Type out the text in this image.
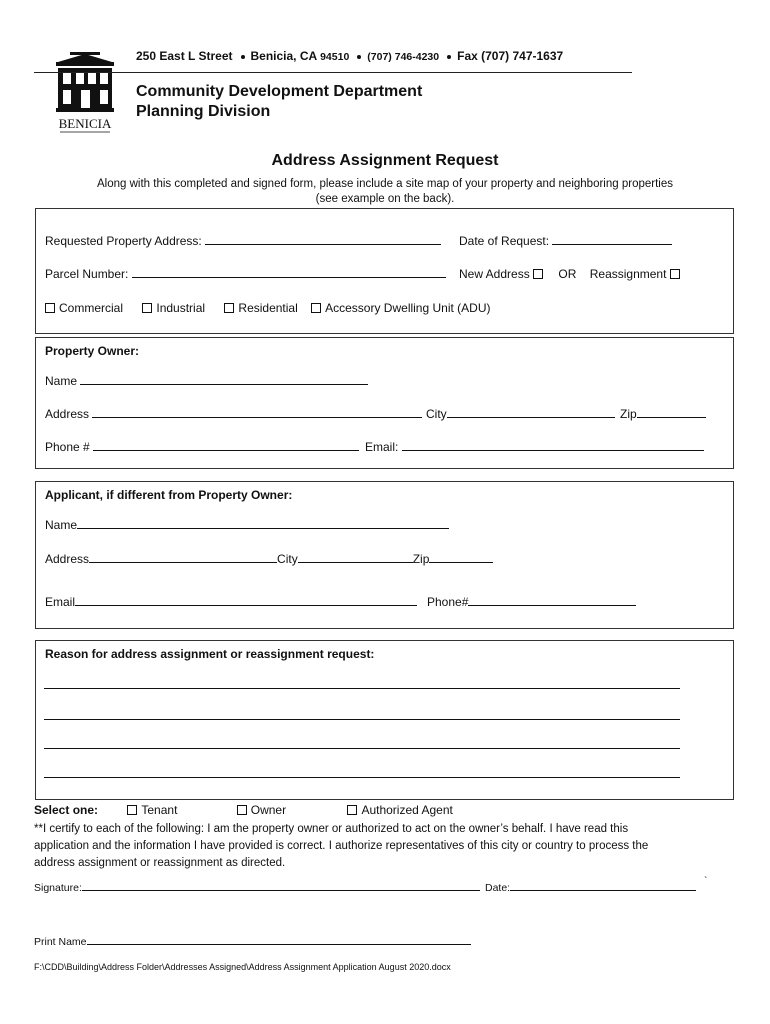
BENICIA
250 East L Street Benicia, CA 94510 (707) 746-4230 Fax (707) 747-1637
Community Development Department
Planning Division
Address Assignment Request
Along with this completed and signed form, please include a site map of your property and neighboring properties
(see example on the back).
Requested Property Address:	Date of Request:
Parcel Number:	New Address OR Reassignment
Commercial	Industrial	Residential Accessory Dwelling Unit (ADU)
Property Owner:
Name
Address	City	Zip
Phone #	Email:
Applicant, if different from Property Owner:
Name
Address	City	Zip
Email	Phone#
Reason for address assignment or reassignment request:
Select one:	Tenant	Owner	Authorized Agent
**I certify to each of the following: I am the property owner or authorized to act on the owner’s behalf. I have read this
application and the information I have provided is correct. I authorize representatives of this city or country to process the
address assignment or reassignment as directed.
Signature:	Date:
`
Print Name
F:\CDD\Building\Address Folder\Addresses Assigned\Address Assignment Application August 2020.docx
